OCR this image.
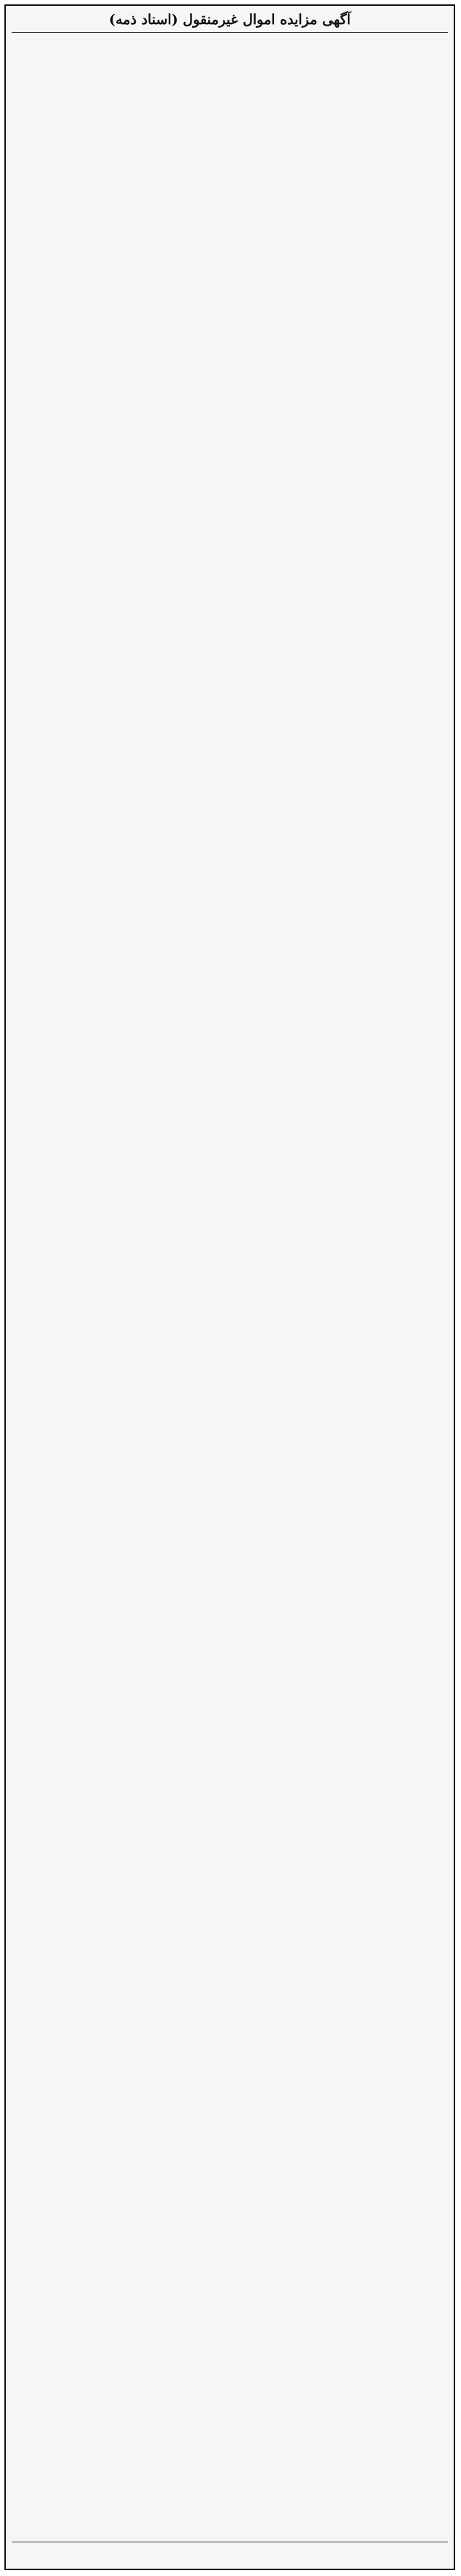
آگهی مزایده اموال غیرمنقول (اسناد ذمه)
